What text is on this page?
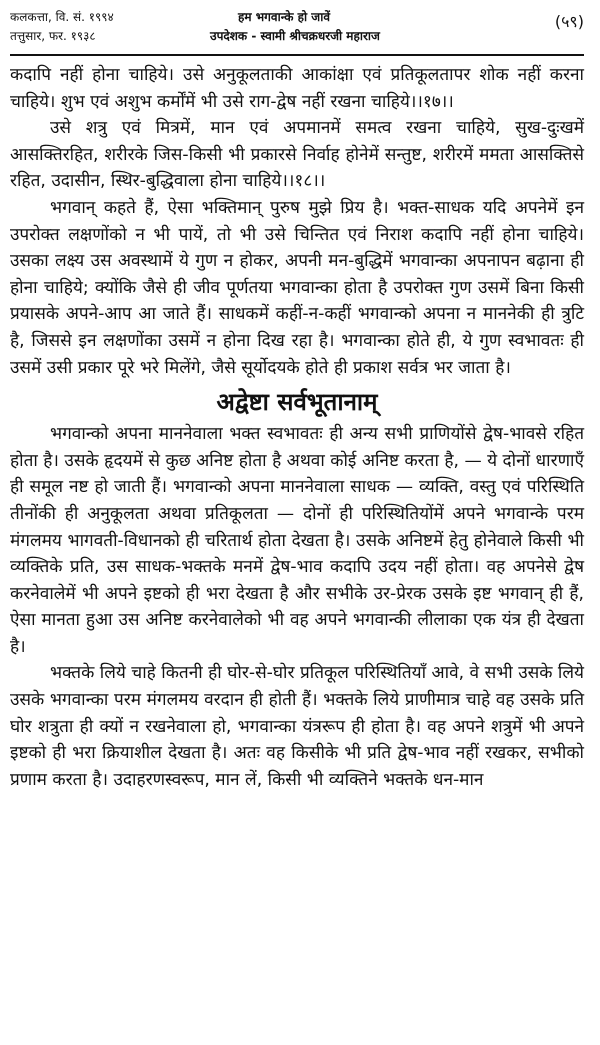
कलकत्ता, वि. सं. १९९४
तत्तुसार, फर. १९३८
हम भगवान्के हो जावें
उपदेशक - स्वामी श्रीचक्रधरजी महाराज
(५९)

कदापि नहीं होना चाहिये। उसे अनुकूलताकी आकांक्षा एवं प्रतिकूलतापर शोक नहीं करना चाहिये। शुभ एवं अशुभ कर्मोंमें भी उसे राग-द्वेष नहीं रखना चाहिये।।१७।।

उसे शत्रु एवं मित्रमें, मान एवं अपमानमें समत्व रखना चाहिये, सुख-दुःखमें आसक्तिरहित, शरीरके जिस-किसी भी प्रकारसे निर्वाह होनेमें सन्तुष्ट, शरीरमें ममता आसक्तिसे रहित, उदासीन, स्थिर-बुद्धिवाला होना चाहिये।।१८।।

भगवान् कहते हैं, ऐसा भक्तिमान् पुरुष मुझे प्रिय है। भक्त-साधक यदि अपनेमें इन उपरोक्त लक्षणोंको न भी पायें, तो भी उसे चिन्तित एवं निराश कदापि नहीं होना चाहिये। उसका लक्ष्य उस अवस्थामें ये गुण न होकर, अपनी मन-बुद्धिमें भगवान्का अपनापन बढ़ाना ही होना चाहिये; क्योंकि जैसे ही जीव पूर्णतया भगवान्का होता है उपरोक्त गुण उसमें बिना किसी प्रयासके अपने-आप आ जाते हैं। साधकमें कहीं-न-कहीं भगवान्को अपना न माननेकी ही त्रुटि है, जिससे इन लक्षणोंका उसमें न होना दिख रहा है। भगवान्का होते ही, ये गुण स्वभावतः ही उसमें उसी प्रकार पूरे भरे मिलेंगे, जैसे सूर्योदयके होते ही प्रकाश सर्वत्र भर जाता है।

अद्वेष्टा सर्वभूतानाम्

भगवान्को अपना माननेवाला भक्त स्वभावतः ही अन्य सभी प्राणियोंसे द्वेष-भावसे रहित होता है। उसके हृदयमें से कुछ अनिष्ट होता है अथवा कोई अनिष्ट करता है, — ये दोनों धारणाएँ ही समूल नष्ट हो जाती हैं। भगवान्को अपना माननेवाला साधक — व्यक्ति, वस्तु एवं परिस्थिति तीनोंकी ही अनुकूलता अथवा प्रतिकूलता — दोनों ही परिस्थितियोंमें अपने भगवान्के परम मंगलमय भागवती-विधानको ही चरितार्थ होता देखता है। उसके अनिष्टमें हेतु होनेवाले किसी भी व्यक्तिके प्रति, उस साधक-भक्तके मनमें द्वेष-भाव कदापि उदय नहीं होता। वह अपनेसे द्वेष करनेवालेमें भी अपने इष्टको ही भरा देखता है और सभीके उर-प्रेरक उसके इष्ट भगवान् ही हैं, ऐसा मानता हुआ उस अनिष्ट करनेवालेको भी वह अपने भगवान्की लीलाका एक यंत्र ही देखता है।

भक्तके लिये चाहे कितनी ही घोर-से-घोर प्रतिकूल परिस्थितियाँ आवे, वे सभी उसके लिये उसके भगवान्का परम मंगलमय वरदान ही होती हैं। भक्तके लिये प्राणीमात्र चाहे वह उसके प्रति घोर शत्रुता ही क्यों न रखनेवाला हो, भगवान्का यंत्ररूप ही होता है। वह अपने शत्रुमें भी अपने इष्टको ही भरा क्रियाशील देखता है। अतः वह किसीके भी प्रति द्वेष-भाव नहीं रखकर, सभीको प्रणाम करता है। उदाहरणस्वरूप, मान लें, किसी भी व्यक्तिने भक्तके धन-मान
